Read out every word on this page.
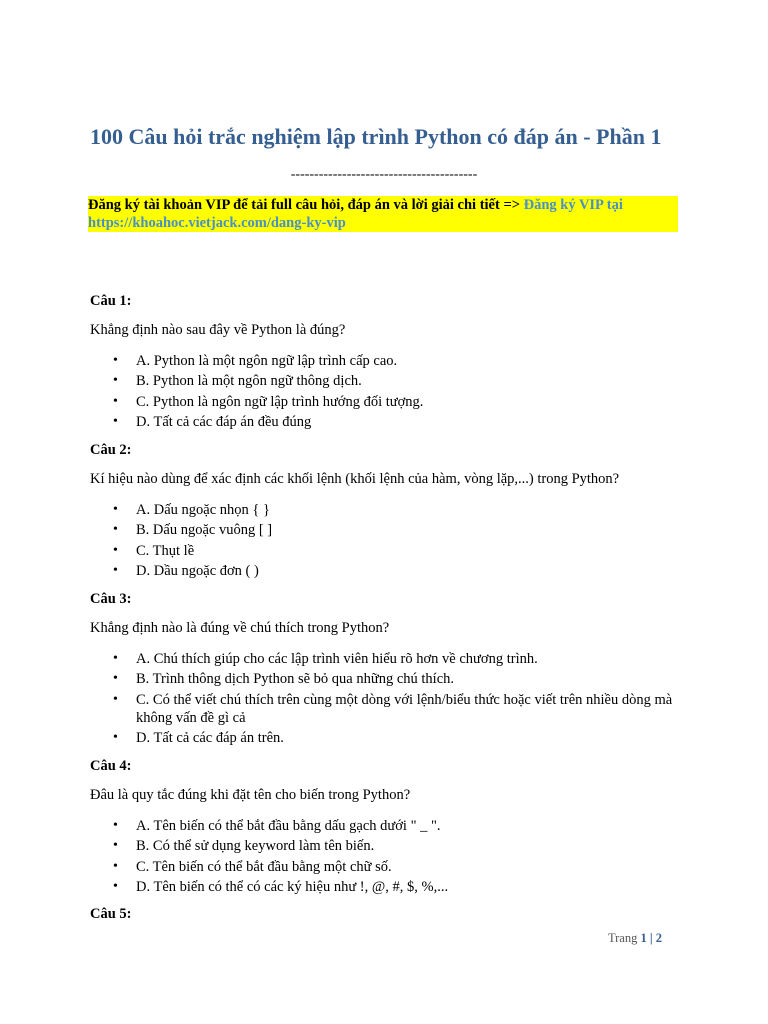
100 Câu hỏi trắc nghiệm lập trình Python có đáp án - Phần 1
----------------------------------------
Đăng ký tài khoản VIP để tải full câu hỏi, đáp án và lời giải chi tiết => Đăng ký VIP tại
https://khoahoc.vietjack.com/dang-ky-vip
Câu 1:
Khẳng định nào sau đây về Python là đúng?
• A. Python là một ngôn ngữ lập trình cấp cao.
• B. Python là một ngôn ngữ thông dịch.
• C. Python là ngôn ngữ lập trình hướng đối tượng.
• D. Tất cả các đáp án đều đúng
Câu 2:
Kí hiệu nào dùng để xác định các khối lệnh (khối lệnh của hàm, vòng lặp,...) trong Python?
• A. Dấu ngoặc nhọn { }
• B. Dấu ngoặc vuông [ ]
• C. Thụt lề
• D. Dầu ngoặc đơn ( )
Câu 3:
Khẳng định nào là đúng về chú thích trong Python?
• A. Chú thích giúp cho các lập trình viên hiểu rõ hơn về chương trình.
• B. Trình thông dịch Python sẽ bỏ qua những chú thích.
• C. Có thể viết chú thích trên cùng một dòng với lệnh/biểu thức hoặc viết trên nhiều dòng mà không vấn đề gì cả
• D. Tất cả các đáp án trên.
Câu 4:
Đâu là quy tắc đúng khi đặt tên cho biến trong Python?
• A. Tên biến có thể bắt đầu bằng dấu gạch dưới " _ ".
• B. Có thể sử dụng keyword làm tên biến.
• C. Tên biến có thể bắt đầu bằng một chữ số.
• D. Tên biến có thể có các ký hiệu như !, @, #, $, %,...
Câu 5:
Trang 1 | 2
